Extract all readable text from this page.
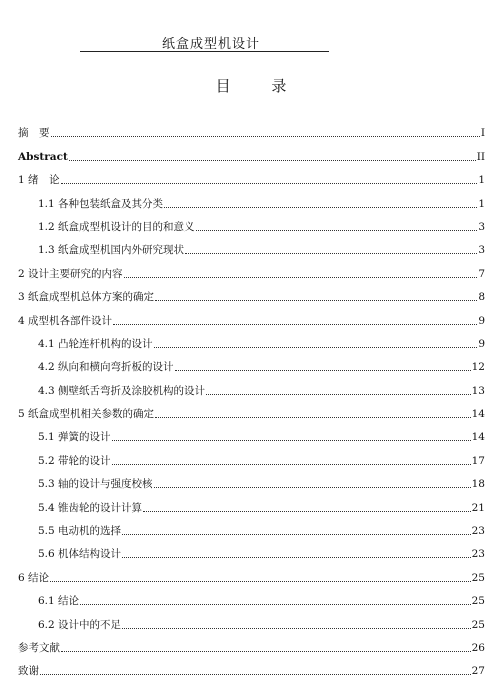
纸盒成型机设计
目 录
摘　要	I
Abstract	II
1 绪　论	1
1.1 各种包装纸盒及其分类	1
1.2 纸盒成型机设计的目的和意义	3
1.3 纸盒成型机国内外研究现状	3
2 设计主要研究的内容	7
3 纸盒成型机总体方案的确定	8
4 成型机各部件设计	9
4.1 凸轮连杆机构的设计	9
4.2 纵向和横向弯折板的设计	12
4.3 侧壁纸舌弯折及涂胶机构的设计	13
5 纸盒成型机相关参数的确定	14
5.1 弹簧的设计	14
5.2 带轮的设计	17
5.3 轴的设计与强度校核	18
5.4 锥齿轮的设计计算	21
5.5 电动机的选择	23
5.6 机体结构设计	23
6 结论	25
6.1 结论	25
6.2 设计中的不足	25
参考文献	26
致谢	27
